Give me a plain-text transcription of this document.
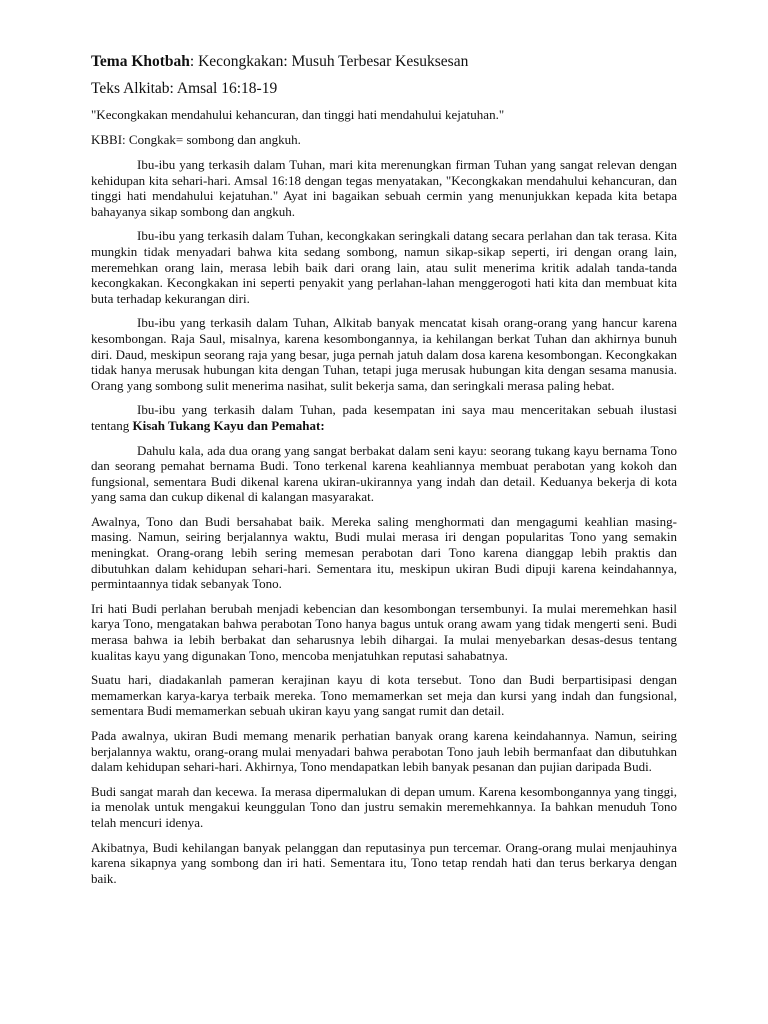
Tema Khotbah: Kecongkakan: Musuh Terbesar Kesuksesan
Teks Alkitab: Amsal 16:18-19
"Kecongkakan mendahului kehancuran, dan tinggi hati mendahului kejatuhan."
KBBI: Congkak= sombong dan angkuh.

Ibu-ibu yang terkasih dalam Tuhan, mari kita merenungkan firman Tuhan yang sangat relevan dengan kehidupan kita sehari-hari. Amsal 16:18 dengan tegas menyatakan, "Kecongkakan mendahului kehancuran, dan tinggi hati mendahului kejatuhan." Ayat ini bagaikan sebuah cermin yang menunjukkan kepada kita betapa bahayanya sikap sombong dan angkuh.

Ibu-ibu yang terkasih dalam Tuhan, kecongkakan seringkali datang secara perlahan dan tak terasa. Kita mungkin tidak menyadari bahwa kita sedang sombong, namun sikap-sikap seperti, iri dengan orang lain, meremehkan orang lain, merasa lebih baik dari orang lain, atau sulit menerima kritik adalah tanda-tanda kecongkakan. Kecongkakan ini seperti penyakit yang perlahan-lahan menggerogoti hati kita dan membuat kita buta terhadap kekurangan diri.

Ibu-ibu yang terkasih dalam Tuhan, Alkitab banyak mencatat kisah orang-orang yang hancur karena kesombongan. Raja Saul, misalnya, karena kesombongannya, ia kehilangan berkat Tuhan dan akhirnya bunuh diri. Daud, meskipun seorang raja yang besar, juga pernah jatuh dalam dosa karena kesombongan. Kecongkakan tidak hanya merusak hubungan kita dengan Tuhan, tetapi juga merusak hubungan kita dengan sesama manusia. Orang yang sombong sulit menerima nasihat, sulit bekerja sama, dan seringkali merasa paling hebat.

Ibu-ibu yang terkasih dalam Tuhan, pada kesempatan ini saya mau menceritakan sebuah ilustasi tentang Kisah Tukang Kayu dan Pemahat:

Dahulu kala, ada dua orang yang sangat berbakat dalam seni kayu: seorang tukang kayu bernama Tono dan seorang pemahat bernama Budi. Tono terkenal karena keahliannya membuat perabotan yang kokoh dan fungsional, sementara Budi dikenal karena ukiran-ukirannya yang indah dan detail. Keduanya bekerja di kota yang sama dan cukup dikenal di kalangan masyarakat.

Awalnya, Tono dan Budi bersahabat baik. Mereka saling menghormati dan mengagumi keahlian masing-masing. Namun, seiring berjalannya waktu, Budi mulai merasa iri dengan popularitas Tono yang semakin meningkat. Orang-orang lebih sering memesan perabotan dari Tono karena dianggap lebih praktis dan dibutuhkan dalam kehidupan sehari-hari. Sementara itu, meskipun ukiran Budi dipuji karena keindahannya, permintaannya tidak sebanyak Tono.

Iri hati Budi perlahan berubah menjadi kebencian dan kesombongan tersembunyi. Ia mulai meremehkan hasil karya Tono, mengatakan bahwa perabotan Tono hanya bagus untuk orang awam yang tidak mengerti seni. Budi merasa bahwa ia lebih berbakat dan seharusnya lebih dihargai. Ia mulai menyebarkan desas-desus tentang kualitas kayu yang digunakan Tono, mencoba menjatuhkan reputasi sahabatnya.

Suatu hari, diadakanlah pameran kerajinan kayu di kota tersebut. Tono dan Budi berpartisipasi dengan memamerkan karya-karya terbaik mereka. Tono memamerkan set meja dan kursi yang indah dan fungsional, sementara Budi memamerkan sebuah ukiran kayu yang sangat rumit dan detail.

Pada awalnya, ukiran Budi memang menarik perhatian banyak orang karena keindahannya. Namun, seiring berjalannya waktu, orang-orang mulai menyadari bahwa perabotan Tono jauh lebih bermanfaat dan dibutuhkan dalam kehidupan sehari-hari. Akhirnya, Tono mendapatkan lebih banyak pesanan dan pujian daripada Budi.

Budi sangat marah dan kecewa. Ia merasa dipermalukan di depan umum. Karena kesombongannya yang tinggi, ia menolak untuk mengakui keunggulan Tono dan justru semakin meremehkannya. Ia bahkan menuduh Tono telah mencuri idenya.

Akibatnya, Budi kehilangan banyak pelanggan dan reputasinya pun tercemar. Orang-orang mulai menjauhinya karena sikapnya yang sombong dan iri hati. Sementara itu, Tono tetap rendah hati dan terus berkarya dengan baik.
